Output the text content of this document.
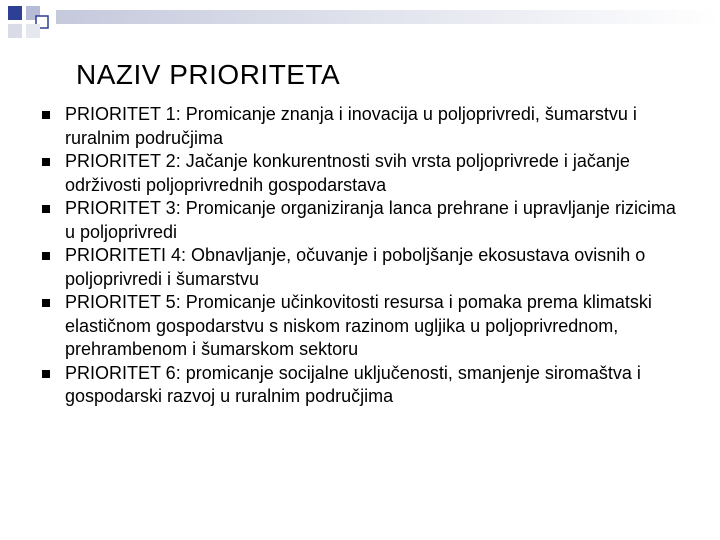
NAZIV PRIORITETA
PRIORITET 1: Promicanje znanja i inovacija u poljoprivredi, šumarstvu i ruralnim područjima
PRIORITET 2: Jačanje konkurentnosti svih vrsta poljoprivrede i jačanje održivosti poljoprivrednih gospodarstava
PRIORITET 3: Promicanje organiziranja lanca prehrane i upravljanje rizicima u poljoprivredi
PRIORITETI 4: Obnavljanje, očuvanje i poboljšanje ekosustava ovisnih o poljoprivredi i šumarstvu
PRIORITET 5: Promicanje učinkovitosti resursa i pomaka prema klimatski elastičnom gospodarstvu s niskom razinom ugljika u poljoprivrednom, prehrambenom i šumarskom sektoru
PRIORITET 6: promicanje socijalne uključenosti, smanjenje siromaštva i gospodarski razvoj u ruralnim područjima
